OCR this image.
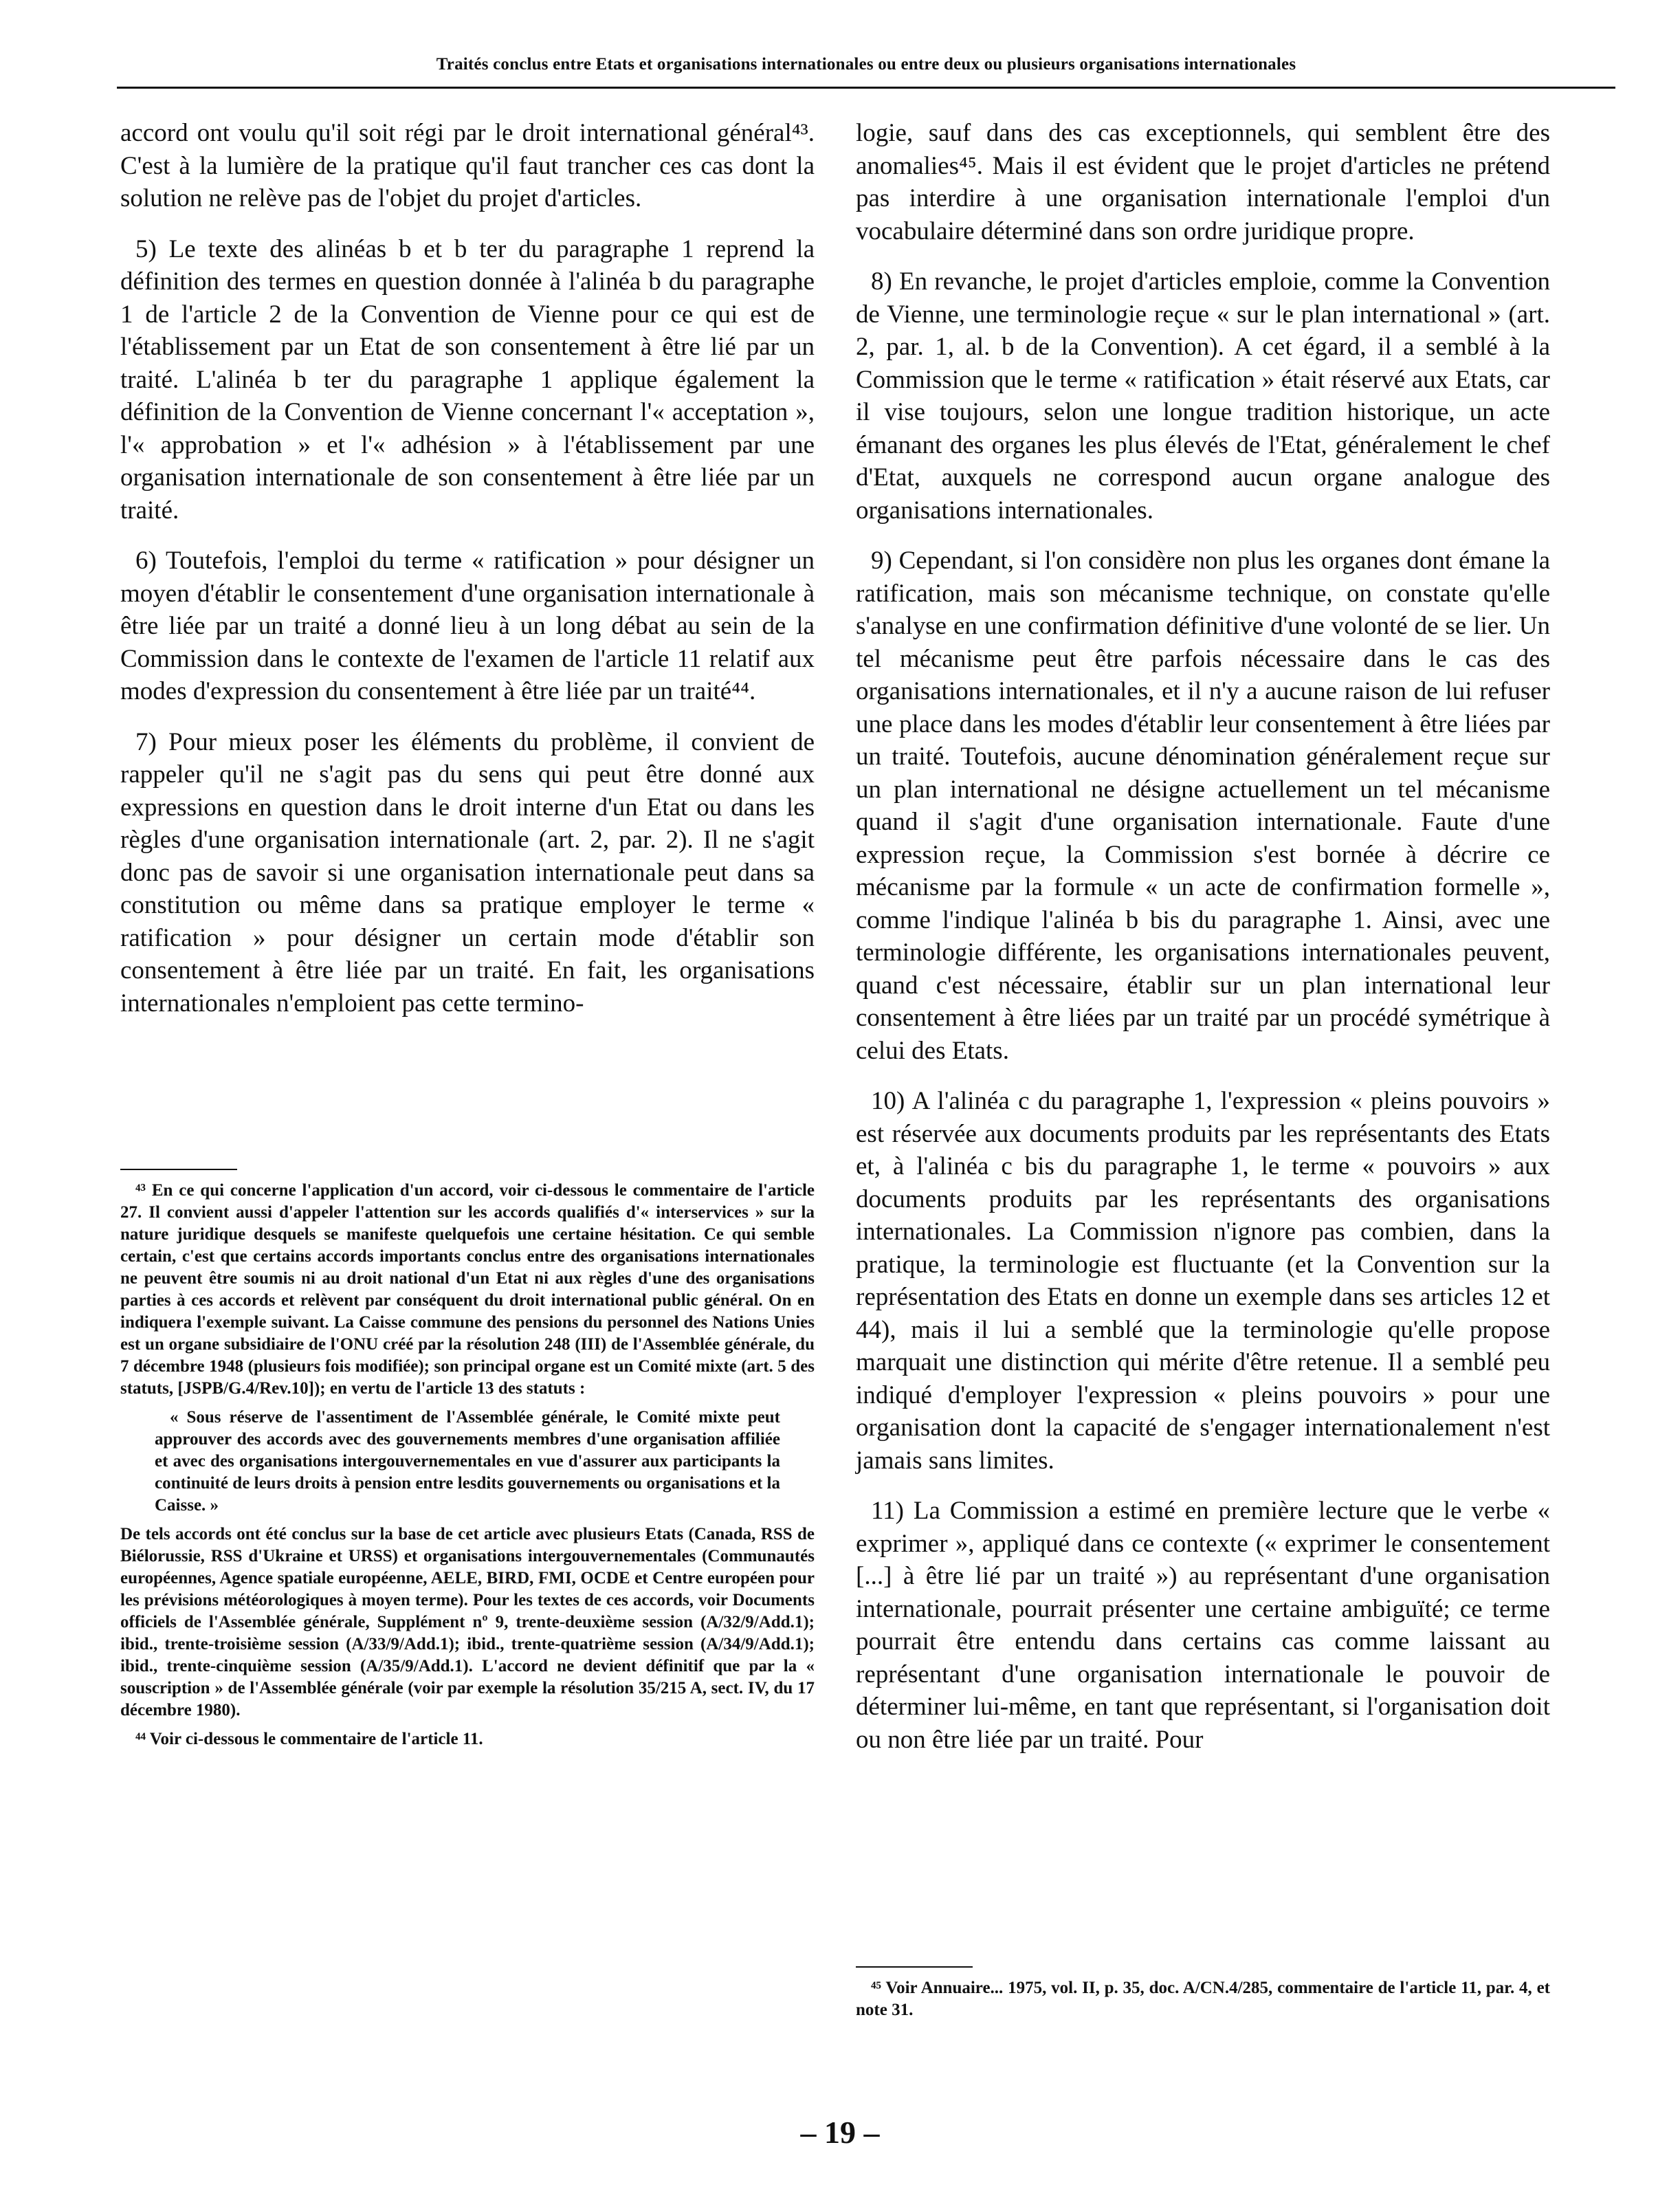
Traités conclus entre Etats et organisations internationales ou entre deux ou plusieurs organisations internationales

accord ont voulu qu'il soit régi par le droit international général⁴³. C'est à la lumière de la pratique qu'il faut trancher ces cas dont la solution ne relève pas de l'objet du projet d'articles.

5) Le texte des alinéas b et b ter du paragraphe 1 reprend la définition des termes en question donnée à l'alinéa b du paragraphe 1 de l'article 2 de la Convention de Vienne pour ce qui est de l'établissement par un Etat de son consentement à être lié par un traité. L'alinéa b ter du paragraphe 1 applique également la définition de la Convention de Vienne concernant l'« acceptation », l'« approbation » et l'« adhésion » à l'établissement par une organisation internationale de son consentement à être liée par un traité.

6) Toutefois, l'emploi du terme « ratification » pour désigner un moyen d'établir le consentement d'une organisation internationale à être liée par un traité a donné lieu à un long débat au sein de la Commission dans le contexte de l'examen de l'article 11 relatif aux modes d'expression du consentement à être liée par un traité⁴⁴.

7) Pour mieux poser les éléments du problème, il convient de rappeler qu'il ne s'agit pas du sens qui peut être donné aux expressions en question dans le droit interne d'un Etat ou dans les règles d'une organisation internationale (art. 2, par. 2). Il ne s'agit donc pas de savoir si une organisation internationale peut dans sa constitution ou même dans sa pratique employer le terme « ratification » pour désigner un certain mode d'établir son consentement à être liée par un traité. En fait, les organisations internationales n'emploient pas cette termino-

logie, sauf dans des cas exceptionnels, qui semblent être des anomalies⁴⁵. Mais il est évident que le projet d'articles ne prétend pas interdire à une organisation internationale l'emploi d'un vocabulaire déterminé dans son ordre juridique propre.

8) En revanche, le projet d'articles emploie, comme la Convention de Vienne, une terminologie reçue « sur le plan international » (art. 2, par. 1, al. b de la Convention). A cet égard, il a semblé à la Commission que le terme « ratification » était réservé aux Etats, car il vise toujours, selon une longue tradition historique, un acte émanant des organes les plus élevés de l'Etat, généralement le chef d'Etat, auxquels ne correspond aucun organe analogue des organisations internationales.

9) Cependant, si l'on considère non plus les organes dont émane la ratification, mais son mécanisme technique, on constate qu'elle s'analyse en une confirmation définitive d'une volonté de se lier. Un tel mécanisme peut être parfois nécessaire dans le cas des organisations internationales, et il n'y a aucune raison de lui refuser une place dans les modes d'établir leur consentement à être liées par un traité. Toutefois, aucune dénomination généralement reçue sur un plan international ne désigne actuellement un tel mécanisme quand il s'agit d'une organisation internationale. Faute d'une expression reçue, la Commission s'est bornée à décrire ce mécanisme par la formule « un acte de confirmation formelle », comme l'indique l'alinéa b bis du paragraphe 1. Ainsi, avec une terminologie différente, les organisations internationales peuvent, quand c'est nécessaire, établir sur un plan international leur consentement à être liées par un traité par un procédé symétrique à celui des Etats.

10) A l'alinéa c du paragraphe 1, l'expression « pleins pouvoirs » est réservée aux documents produits par les représentants des Etats et, à l'alinéa c bis du paragraphe 1, le terme « pouvoirs » aux documents produits par les représentants des organisations internationales. La Commission n'ignore pas combien, dans la pratique, la terminologie est fluctuante (et la Convention sur la représentation des Etats en donne un exemple dans ses articles 12 et 44), mais il lui a semblé que la terminologie qu'elle propose marquait une distinction qui mérite d'être retenue. Il a semblé peu indiqué d'employer l'expression « pleins pouvoirs » pour une organisation dont la capacité de s'engager internationalement n'est jamais sans limites.

11) La Commission a estimé en première lecture que le verbe « exprimer », appliqué dans ce contexte (« exprimer le consentement [...] à être lié par un traité ») au représentant d'une organisation internationale, pourrait présenter une certaine ambiguïté; ce terme pourrait être entendu dans certains cas comme laissant au représentant d'une organisation internationale le pouvoir de déterminer lui-même, en tant que représentant, si l'organisation doit ou non être liée par un traité. Pour

⁴³ En ce qui concerne l'application d'un accord, voir ci-dessous le commentaire de l'article 27. Il convient aussi d'appeler l'attention sur les accords qualifiés d'« interservices » sur la nature juridique desquels se manifeste quelquefois une certaine hésitation. Ce qui semble certain, c'est que certains accords importants conclus entre des organisations internationales ne peuvent être soumis ni au droit national d'un Etat ni aux règles d'une des organisations parties à ces accords et relèvent par conséquent du droit international public général. On en indiquera l'exemple suivant. La Caisse commune des pensions du personnel des Nations Unies est un organe subsidiaire de l'ONU créé par la résolution 248 (III) de l'Assemblée générale, du 7 décembre 1948 (plusieurs fois modifiée); son principal organe est un Comité mixte (art. 5 des statuts, [JSPB/G.4/Rev.10]); en vertu de l'article 13 des statuts :

« Sous réserve de l'assentiment de l'Assemblée générale, le Comité mixte peut approuver des accords avec des gouvernements membres d'une organisation affiliée et avec des organisations intergouvernementales en vue d'assurer aux participants la continuité de leurs droits à pension entre lesdits gouvernements ou organisations et la Caisse. »

De tels accords ont été conclus sur la base de cet article avec plusieurs Etats (Canada, RSS de Biélorussie, RSS d'Ukraine et URSS) et organisations intergouvernementales (Communautés européennes, Agence spatiale européenne, AELE, BIRD, FMI, OCDE et Centre européen pour les prévisions météorologiques à moyen terme). Pour les textes de ces accords, voir Documents officiels de l'Assemblée générale, Supplément nº 9, trente-deuxième session (A/32/9/Add.1); ibid., trente-troisième session (A/33/9/Add.1); ibid., trente-quatrième session (A/34/9/Add.1); ibid., trente-cinquième session (A/35/9/Add.1). L'accord ne devient définitif que par la « souscription » de l'Assemblée générale (voir par exemple la résolution 35/215 A, sect. IV, du 17 décembre 1980).

⁴⁴ Voir ci-dessous le commentaire de l'article 11.

⁴⁵ Voir Annuaire... 1975, vol. II, p. 35, doc. A/CN.4/285, commentaire de l'article 11, par. 4, et note 31.

– 19 –
